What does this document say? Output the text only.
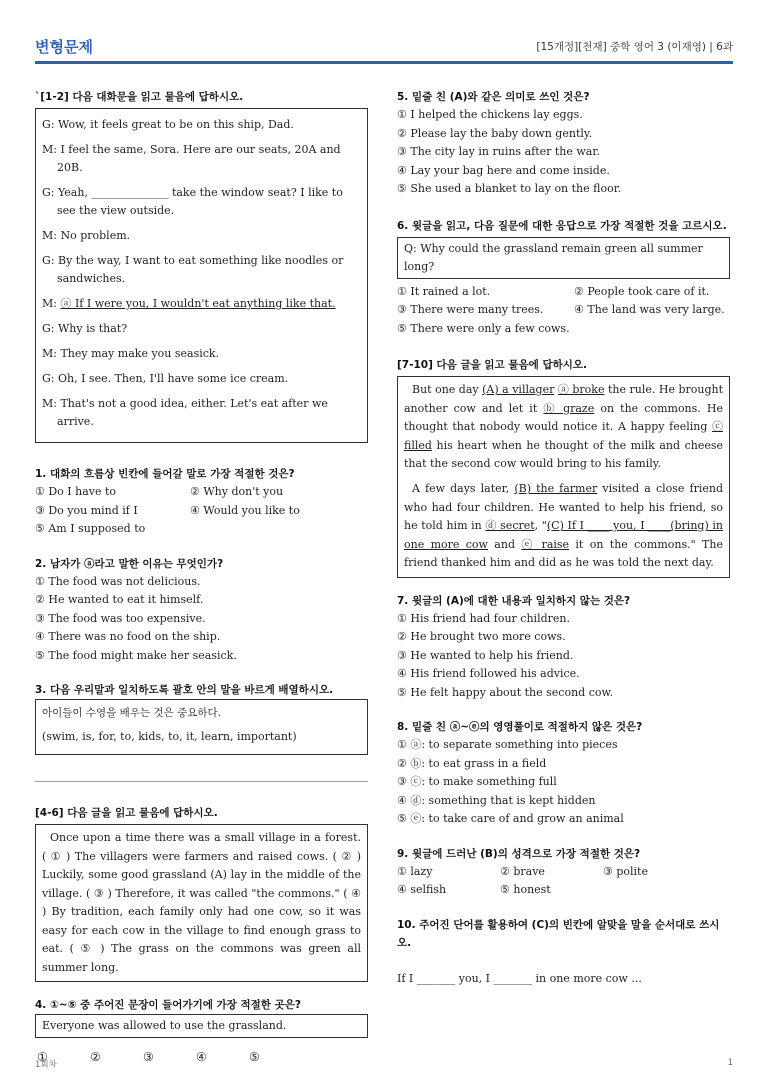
변형문제	[15개정][천재] 중학 영어 3 (이재영) | 6과
`[1-2] 다음 대화문을 읽고 물음에 답하시오.

G: Wow, it feels great to be on this ship, Dad.

M: I feel the same, Sora. Here are our seats, 20A and 20B.

G: Yeah, ______________ take the window seat? I like to see the view outside.

M: No problem.

G: By the way, I want to eat something like noodles or sandwiches.

M: ⓐ If I were you, I wouldn't eat anything like that.

G: Why is that?

M: They may make you seasick.

G: Oh, I see. Then, I'll have some ice cream.

M: That's not a good idea, either. Let's eat after we arrive.

1. 대화의 흐름상 빈칸에 들어갈 말로 가장 적절한 것은?
① Do I have to	② Why don't you
③ Do you mind if I	④ Would you like to
⑤ Am I supposed to
2. 남자가 ⓐ라고 말한 이유는 무엇인가?
① The food was not delicious.
② He wanted to eat it himself.
③ The food was too expensive.
④ There was no food on the ship.
⑤ The food might make her seasick.
3. 다음 우리말과 일치하도록 괄호 안의 말을 바르게 배열하시오.
아이들이 수영을 배우는 것은 중요하다.
(swim, is, for, to, kids, to, it, learn, important)
[4-6] 다음 글을 읽고 물음에 답하시오.
Once upon a time there was a small village in a forest. ( ① ) The villagers were farmers and raised cows. ( ② ) Luckily, some good grassland (A) lay in the middle of the village. ( ③ ) Therefore, it was called "the commons." ( ④ ) By tradition, each family only had one cow, so it was easy for each cow in the village to find enough grass to eat. ( ⑤ ) The grass on the commons was green all summer long.
4. ①~⑤ 중 주어진 문장이 들어가기에 가장 적절한 곳은?
Everyone was allowed to use the grassland.
①	②	③	④	⑤
5. 밑줄 친 (A)와 같은 의미로 쓰인 것은?
① I helped the chickens lay eggs.
② Please lay the baby down gently.
③ The city lay in ruins after the war.
④ Lay your bag here and come inside.
⑤ She used a blanket to lay on the floor.
6. 윗글을 읽고, 다음 질문에 대한 응답으로 가장 적절한 것을 고르시오.
Q: Why could the grassland remain green all summer long?
① It rained a lot.	② People took care of it.
③ There were many trees.	④ The land was very large.
⑤ There were only a few cows.
[7-10] 다음 글을 읽고 물음에 답하시오.

But one day (A) a villager ⓐ broke the rule. He brought another cow and let it ⓑ graze on the commons. He thought that nobody would notice it. A happy feeling ⓒ filled his heart when he thought of the milk and cheese that the second cow would bring to his family.

A few days later, (B) the farmer visited a close friend who had four children. He wanted to help his friend, so he told him in ⓓ secret, "(C) If I ____ you, I ____(bring) in one more cow and ⓔ raise it on the commons." The friend thanked him and did as he was told the next day.

7. 윗글의 (A)에 대한 내용과 일치하지 않는 것은?
① His friend had four children.
② He brought two more cows.
③ He wanted to help his friend.
④ His friend followed his advice.
⑤ He felt happy about the second cow.
8. 밑줄 친 ⓐ~ⓔ의 영영풀이로 적절하지 않은 것은?
① ⓐ: to separate something into pieces
② ⓑ: to eat grass in a field
③ ⓒ: to make something full
④ ⓓ: something that is kept hidden
⑤ ⓔ: to take care of and grow an animal
9. 윗글에 드러난 (B)의 성격으로 가장 적절한 것은?
① lazy	② brave	③ polite
④ selfish	⑤ honest
10. 주어진 단어를 활용하여 (C)의 빈칸에 알맞을 말을 순서대로 쓰시오.
If I _______ you, I _______ in one more cow ...
1회차	1
